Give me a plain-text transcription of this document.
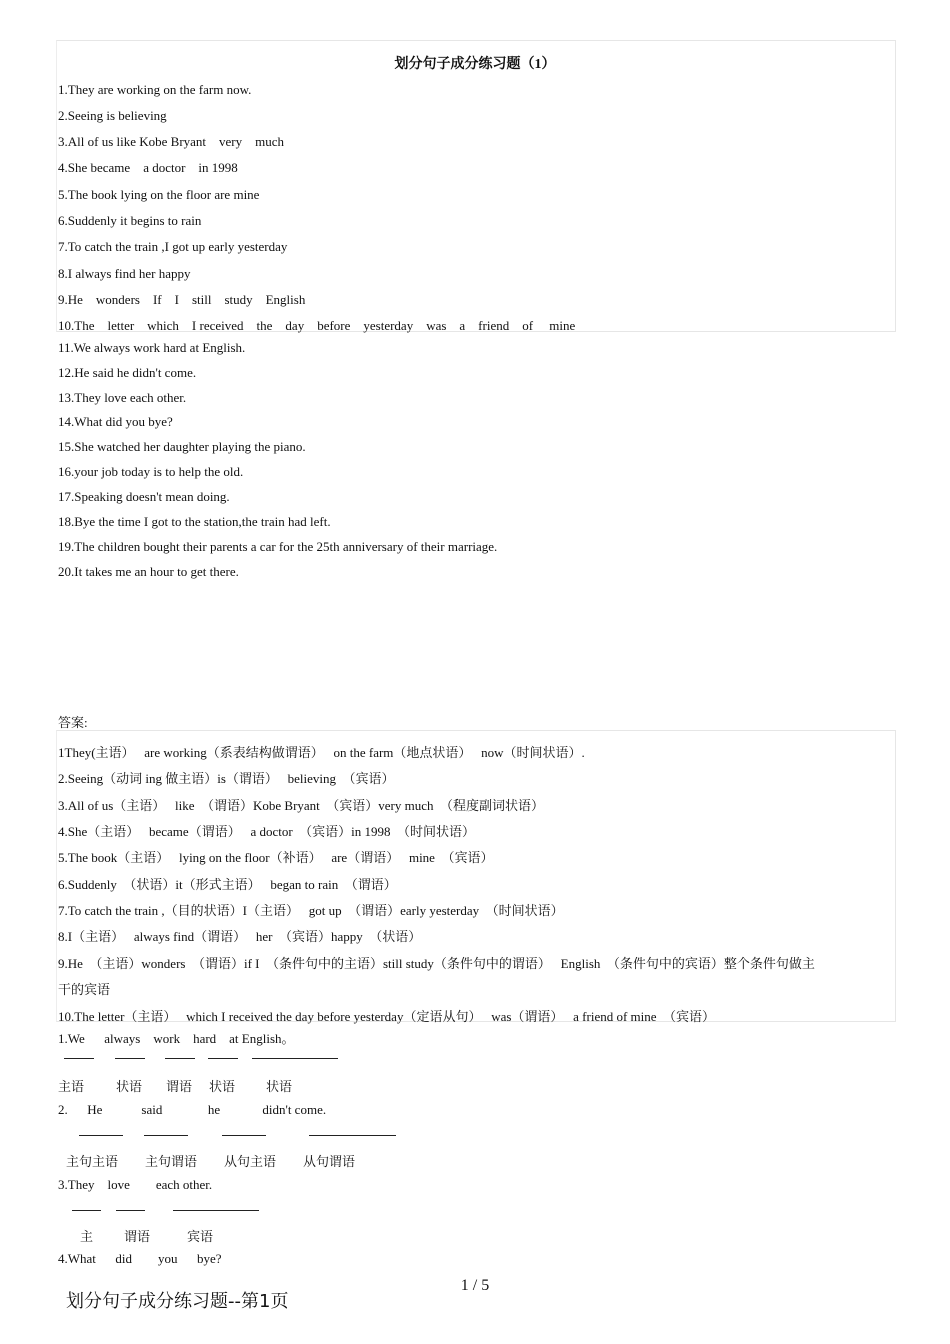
划分句子成分练习题（1）
1.They are working on the farm now.
2.Seeing is believing
3.All of us like Kobe Bryant    very    much
4.She became    a doctor    in 1998
5.The book lying on the floor are mine
6.Suddenly it begins to rain
7.To catch the train ,I got up early yesterday
8.I always find her happy
9.He    wonders    If    I    still    study    English
10.The    letter    which    I received    the    day    before    yesterday    was    a    friend    of     mine
11.We always work hard at English.
12.He said he didn't come.
13.They love each other.
14.What did you bye?
15.She watched her daughter playing the piano.
16.your job today is to help the old.
17.Speaking doesn't mean doing.
18.Bye the time I got to the station,the train had left.
19.The children bought their parents a car for the 25th anniversary of their marriage.
20.It takes me an hour to get there.
答案:
1They(主语）   are working（系表结构做谓语）   on the farm（地点状语）   now（时间状语）.
2.Seeing（动词 ing 做主语）is（谓语）   believing  （宾语）
3.All of us（主语）   like  （谓语）Kobe Bryant  （宾语）very much  （程度副词状语）
4.She（主语）   became（谓语）   a doctor  （宾语）in 1998  （时间状语）
5.The book（主语）   lying on the floor（补语）   are（谓语）   mine  （宾语）
6.Suddenly  （状语）it（形式主语）   began to rain  （谓语）
7.To catch the train ,（目的状语）I（主语）   got up  （谓语）early yesterday  （时间状语）
8.I（主语）   always find（谓语）   her  （宾语）happy  （状语）
9.He  （主语）wonders  （谓语）if I  （条件句中的主语）still study（条件句中的谓语）   English  （条件句中的宾语）整个条件句做主
干的宾语
10.The letter（主语）   which I received the day before yesterday（定语从句）   was（谓语）   a friend of mine  （宾语）
1.We      always    work    hard    at English。
主语 状语 谓语 状语 状语
2.      He            said              he             didn't come.
主句主语 主句谓语 从句主语 从句谓语
3.They    love        each other.
主 谓语	宾语
4.What      did        you      bye?
1 / 5
划分句子成分练习题--第1页
